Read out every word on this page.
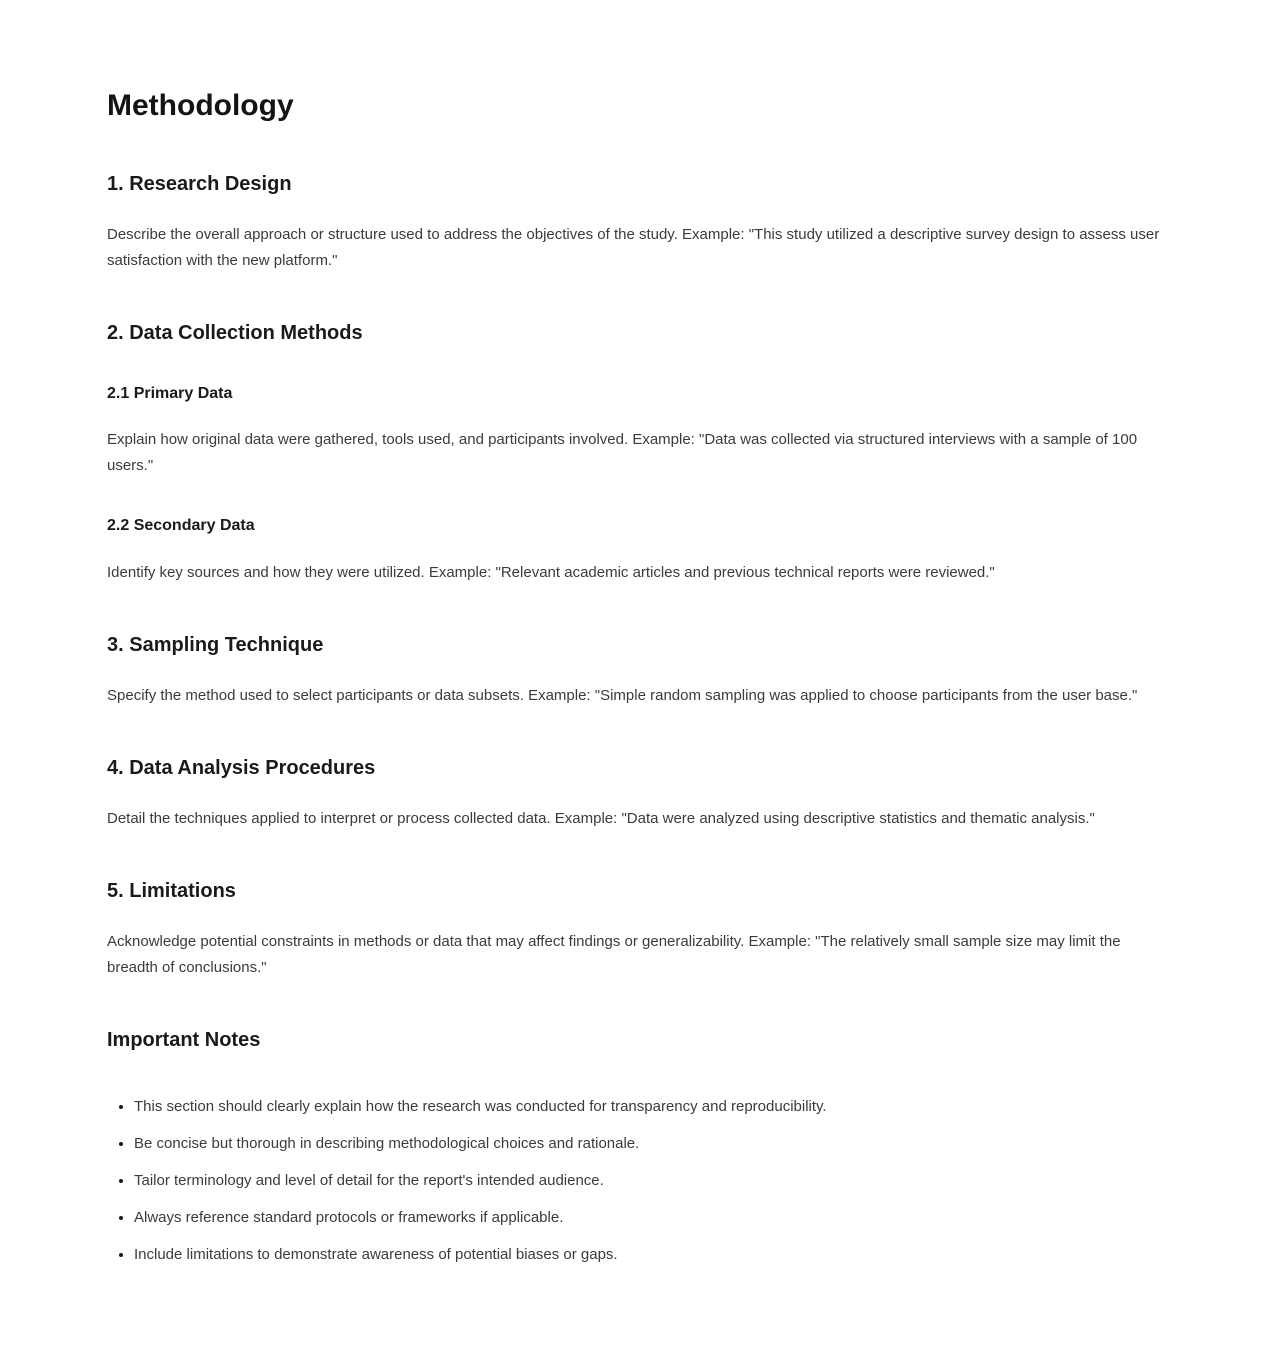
Methodology
1. Research Design

Describe the overall approach or structure used to address the objectives of the study. Example: "This study utilized a descriptive survey design to assess user satisfaction with the new platform."

2. Data Collection Methods
2.1 Primary Data

Explain how original data were gathered, tools used, and participants involved. Example: "Data was collected via structured interviews with a sample of 100 users."

2.2 Secondary Data

Identify key sources and how they were utilized. Example: "Relevant academic articles and previous technical reports were reviewed."

3. Sampling Technique

Specify the method used to select participants or data subsets. Example: "Simple random sampling was applied to choose participants from the user base."

4. Data Analysis Procedures

Detail the techniques applied to interpret or process collected data. Example: "Data were analyzed using descriptive statistics and thematic analysis."

5. Limitations

Acknowledge potential constraints in methods or data that may affect findings or generalizability. Example: "The relatively small sample size may limit the breadth of conclusions."

Important Notes
• This section should clearly explain how the research was conducted for transparency and reproducibility.
• Be concise but thorough in describing methodological choices and rationale.
• Tailor terminology and level of detail for the report's intended audience.
• Always reference standard protocols or frameworks if applicable.
• Include limitations to demonstrate awareness of potential biases or gaps.
